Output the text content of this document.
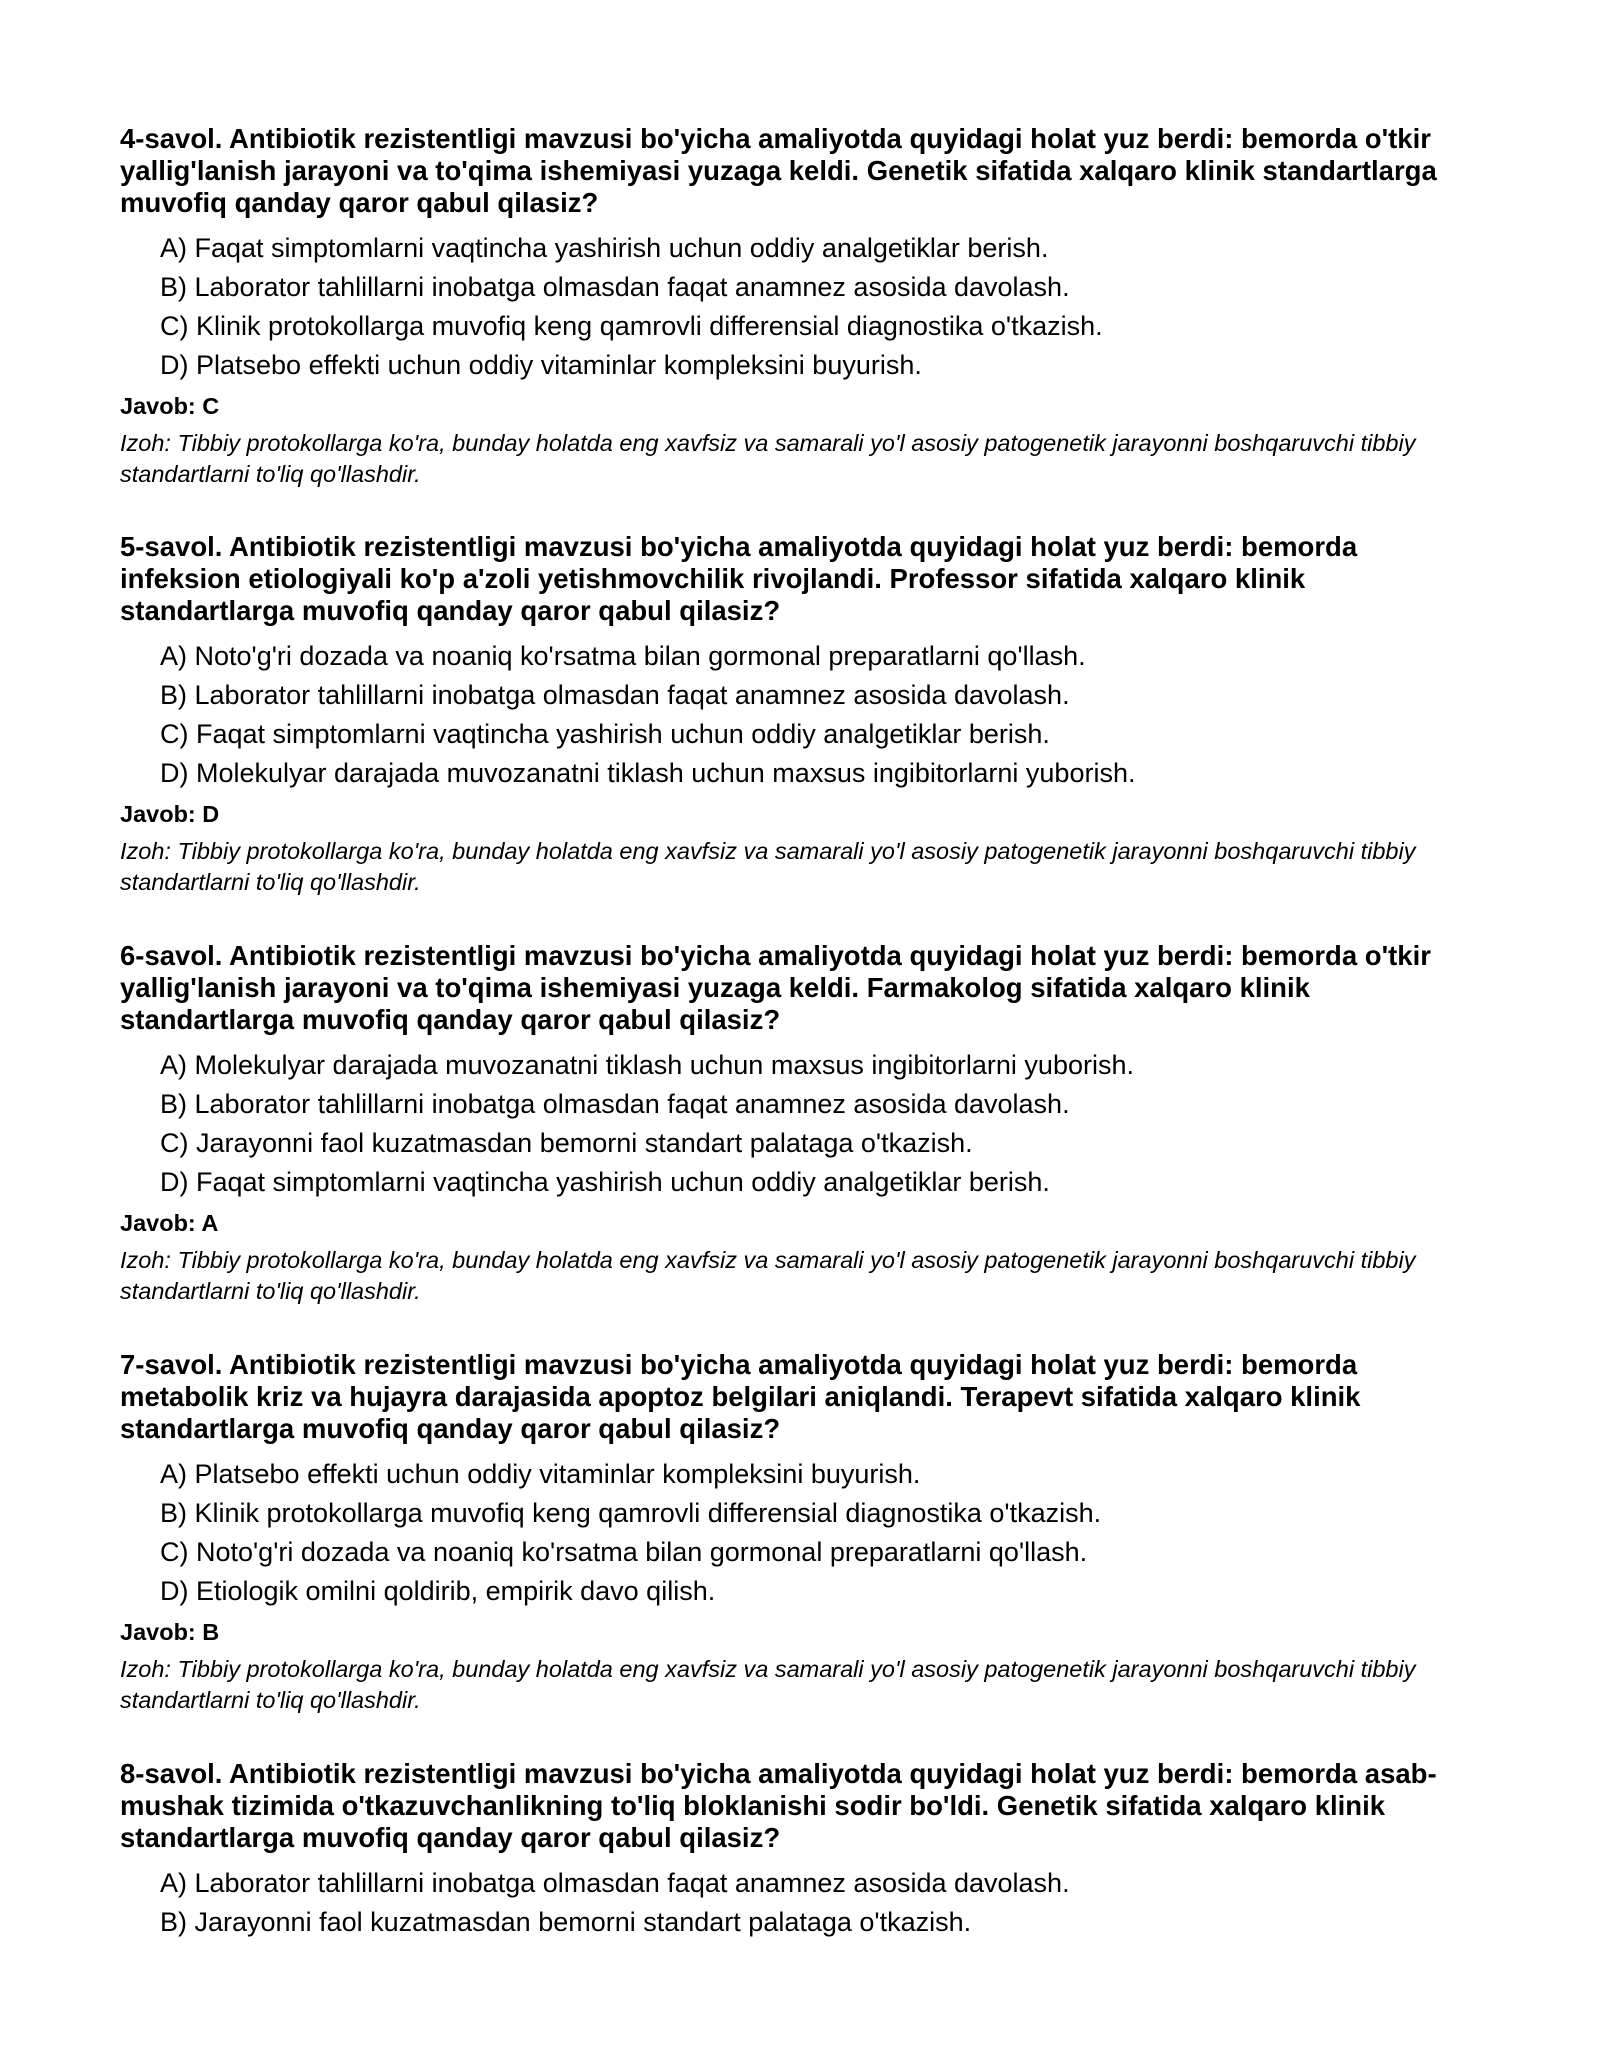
4-savol. Antibiotik rezistentligi mavzusi bo'yicha amaliyotda quyidagi holat yuz berdi: bemorda o'tkir yallig'lanish jarayoni va to'qima ishemiyasi yuzaga keldi. Genetik sifatida xalqaro klinik standartlarga muvofiq qanday qaror qabul qilasiz?

A) Faqat simptomlarni vaqtincha yashirish uchun oddiy analgetiklar berish.
B) Laborator tahlillarni inobatga olmasdan faqat anamnez asosida davolash.
C) Klinik protokollarga muvofiq keng qamrovli differensial diagnostika o'tkazish.
D) Platsebo effekti uchun oddiy vitaminlar kompleksini buyurish.
Javob: C
Izoh: Tibbiy protokollarga ko'ra, bunday holatda eng xavfsiz va samarali yo'l asosiy patogenetik jarayonni boshqaruvchi tibbiy standartlarni to'liq qo'llashdir.

5-savol. Antibiotik rezistentligi mavzusi bo'yicha amaliyotda quyidagi holat yuz berdi: bemorda infeksion etiologiyali ko'p a'zoli yetishmovchilik rivojlandi. Professor sifatida xalqaro klinik standartlarga muvofiq qanday qaror qabul qilasiz?

A) Noto'g'ri dozada va noaniq ko'rsatma bilan gormonal preparatlarni qo'llash.
B) Laborator tahlillarni inobatga olmasdan faqat anamnez asosida davolash.
C) Faqat simptomlarni vaqtincha yashirish uchun oddiy analgetiklar berish.
D) Molekulyar darajada muvozanatni tiklash uchun maxsus ingibitorlarni yuborish.
Javob: D
Izoh: Tibbiy protokollarga ko'ra, bunday holatda eng xavfsiz va samarali yo'l asosiy patogenetik jarayonni boshqaruvchi tibbiy standartlarni to'liq qo'llashdir.

6-savol. Antibiotik rezistentligi mavzusi bo'yicha amaliyotda quyidagi holat yuz berdi: bemorda o'tkir yallig'lanish jarayoni va to'qima ishemiyasi yuzaga keldi. Farmakolog sifatida xalqaro klinik standartlarga muvofiq qanday qaror qabul qilasiz?

A) Molekulyar darajada muvozanatni tiklash uchun maxsus ingibitorlarni yuborish.
B) Laborator tahlillarni inobatga olmasdan faqat anamnez asosida davolash.
C) Jarayonni faol kuzatmasdan bemorni standart palataga o'tkazish.
D) Faqat simptomlarni vaqtincha yashirish uchun oddiy analgetiklar berish.
Javob: A
Izoh: Tibbiy protokollarga ko'ra, bunday holatda eng xavfsiz va samarali yo'l asosiy patogenetik jarayonni boshqaruvchi tibbiy standartlarni to'liq qo'llashdir.

7-savol. Antibiotik rezistentligi mavzusi bo'yicha amaliyotda quyidagi holat yuz berdi: bemorda metabolik kriz va hujayra darajasida apoptoz belgilari aniqlandi. Terapevt sifatida xalqaro klinik standartlarga muvofiq qanday qaror qabul qilasiz?

A) Platsebo effekti uchun oddiy vitaminlar kompleksini buyurish.
B) Klinik protokollarga muvofiq keng qamrovli differensial diagnostika o'tkazish.
C) Noto'g'ri dozada va noaniq ko'rsatma bilan gormonal preparatlarni qo'llash.
D) Etiologik omilni qoldirib, empirik davo qilish.
Javob: B
Izoh: Tibbiy protokollarga ko'ra, bunday holatda eng xavfsiz va samarali yo'l asosiy patogenetik jarayonni boshqaruvchi tibbiy standartlarni to'liq qo'llashdir.

8-savol. Antibiotik rezistentligi mavzusi bo'yicha amaliyotda quyidagi holat yuz berdi: bemorda asab-mushak tizimida o'tkazuvchanlikning to'liq bloklanishi sodir bo'ldi. Genetik sifatida xalqaro klinik standartlarga muvofiq qanday qaror qabul qilasiz?

A) Laborator tahlillarni inobatga olmasdan faqat anamnez asosida davolash.
B) Jarayonni faol kuzatmasdan bemorni standart palataga o'tkazish.
